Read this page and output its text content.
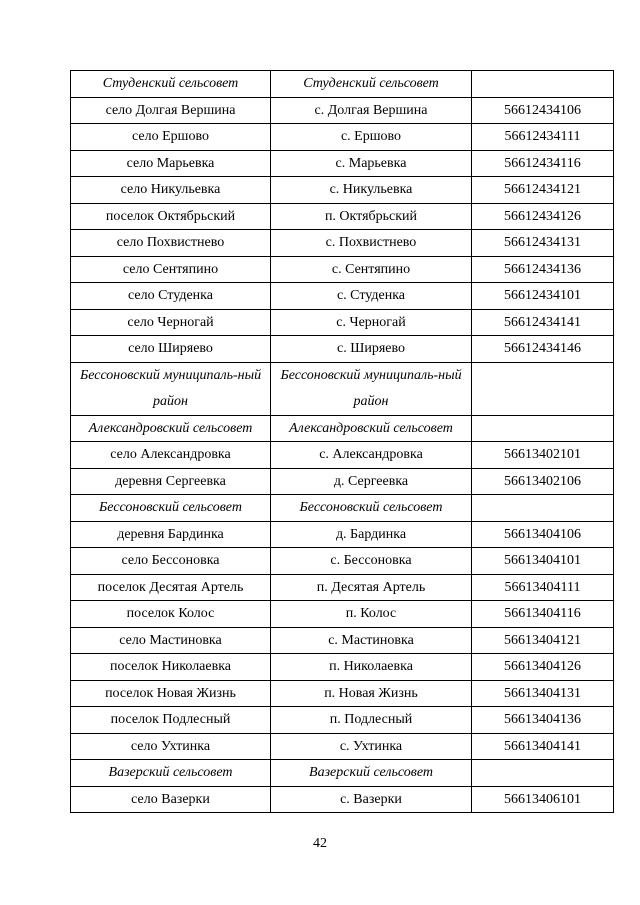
Студенский сельсовет	Студенский сельсовет	
село Долгая Вершина	с. Долгая Вершина	56612434106
село Ершово	с. Ершово	56612434111
село Марьевка	с. Марьевка	56612434116
село Никульевка	с. Никульевка	56612434121
поселок Октябрьский	п. Октябрьский	56612434126
село Похвистнево	с. Похвистнево	56612434131
село Сентяпино	с. Сентяпино	56612434136
село Студенка	с. Студенка	56612434101
село Черногай	с. Черногай	56612434141
село Ширяево	с. Ширяево	56612434146
Бессоновский муниципаль-ный район	Бессоновский муниципаль-ный район	
Александровский сельсовет	Александровский сельсовет	
село Александровка	с. Александровка	56613402101
деревня Сергеевка	д. Сергеевка	56613402106
Бессоновский сельсовет	Бессоновский сельсовет	
деревня Бардинка	д. Бардинка	56613404106
село Бессоновка	с. Бессоновка	56613404101
поселок Десятая Артель	п. Десятая Артель	56613404111
поселок Колос	п. Колос	56613404116
село Мастиновка	с. Мастиновка	56613404121
поселок Николаевка	п. Николаевка	56613404126
поселок Новая Жизнь	п. Новая Жизнь	56613404131
поселок Подлесный	п. Подлесный	56613404136
село Ухтинка	с. Ухтинка	56613404141
Вазерский сельсовет	Вазерский сельсовет	
село Вазерки	с. Вазерки	56613406101
42
